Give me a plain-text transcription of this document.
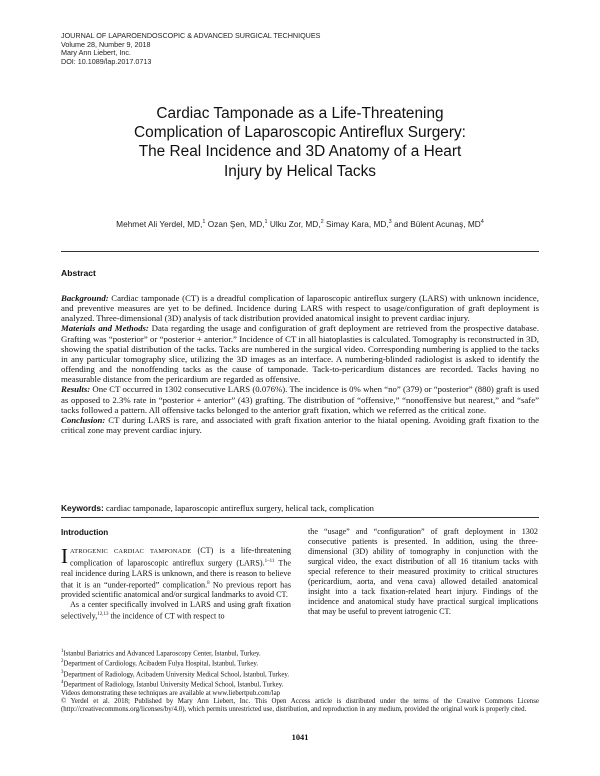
JOURNAL OF LAPAROENDOSCOPIC & ADVANCED SURGICAL TECHNIQUES
Volume 28, Number 9, 2018
Mary Ann Liebert, Inc.
DOI: 10.1089/lap.2017.0713
Cardiac Tamponade as a Life-Threatening
Complication of Laparoscopic Antireflux Surgery:
The Real Incidence and 3D Anatomy of a Heart
Injury by Helical Tacks
Mehmet Ali Yerdel, MD,$^1$ Ozan Şen, MD,$^1$ Ulku Zor, MD,$^2$ Simay Kara, MD,$^3$ and Bülent Acunaş, $MD^4$
Abstract

Background: Cardiac tamponade (CT) is a dreadful complication of laparoscopic antireflux surgery (LARS) with unknown incidence, and preventive measures are yet to be defined. Incidence during LARS with respect to usage/configuration of graft deployment is analyzed. Three-dimensional (3D) analysis of tack distribution provided anatomical insight to prevent cardiac injury.

Materials and Methods: Data regarding the usage and configuration of graft deployment are retrieved from the prospective database. Grafting was “posterior” or “posterior + anterior.” Incidence of CT in all hiatoplasties is calculated. Tomography is reconstructed in 3D, showing the spatial distribution of the tacks. Tacks are numbered in the surgical video. Corresponding numbering is applied to the tacks in any particular tomography slice, utilizing the 3D images as an interface. A numbering-blinded radiologist is asked to identify the offending and the nonoffending tacks as the cause of tamponade. Tack-to-pericardium distances are recorded. Tacks having no measurable distance from the pericardium are regarded as offensive.

Results: One CT occurred in 1302 consecutive LARS (0.076%). The incidence is 0% when “no” (379) or “posterior” (880) graft is used as opposed to 2.3% rate in “posterior + anterior” (43) grafting. The distribution of “offensive,” “nonoffensive but nearest,” and “safe” tacks followed a pattern. All offensive tacks belonged to the anterior graft fixation, which we referred as the critical zone.

Conclusion: CT during LARS is rare, and associated with graft fixation anterior to the hiatal opening. Avoiding graft fixation to the critical zone may prevent cardiac injury.

Keywords: cardiac tamponade, laparoscopic antireflux surgery, helical tack, complication
Introduction

IATROGENIC CARDIAC TAMPONADE (CT) is a life-threatening complication of laparoscopic antireflux surgery (LARS).$^{1-11}$ The real incidence during LARS is unknown, and there is reason to believe that it is an “under-reported” complication.$^8$ No previous report has provided scientific anatomical and/or surgical landmarks to avoid CT.

As a center specifically involved in LARS and using graft fixation selectively,$^{12,13}$ the incidence of CT with respect to

the “usage” and “configuration” of graft deployment in 1302 consecutive patients is presented. In addition, using the three-dimensional (3D) ability of tomography in conjunction with the surgical video, the exact distribution of all 16 titanium tacks with special reference to their measured proximity to critical structures (pericardium, aorta, and vena cava) allowed detailed anatomical insight into a tack fixation-related heart injury. Findings of the incidence and anatomical study have practical surgical implications that may be useful to prevent iatrogenic CT.

$^1$Istanbul Bariatrics and Advanced Laparoscopy Center, Istanbul, Turkey.
$^2$Department of Cardiology, Acibadem Fulya Hospital, Istanbul, Turkey.
$^3$Department of Radiology, Acibadem University Medical School, Istanbul, Turkey.
$^4$Department of Radiology, Istanbul University Medical School, Istanbul, Turkey.
Videos demonstrating these techniques are available at www.liebertpub.com/lap
© Yerdel et al. 2018; Published by Mary Ann Liebert, Inc. This Open Access article is distributed under the terms of the Creative Commons License (http://creativecommons.org/licenses/by/4.0), which permits unrestricted use, distribution, and reproduction in any medium, provided the original work is properly cited.
1041
